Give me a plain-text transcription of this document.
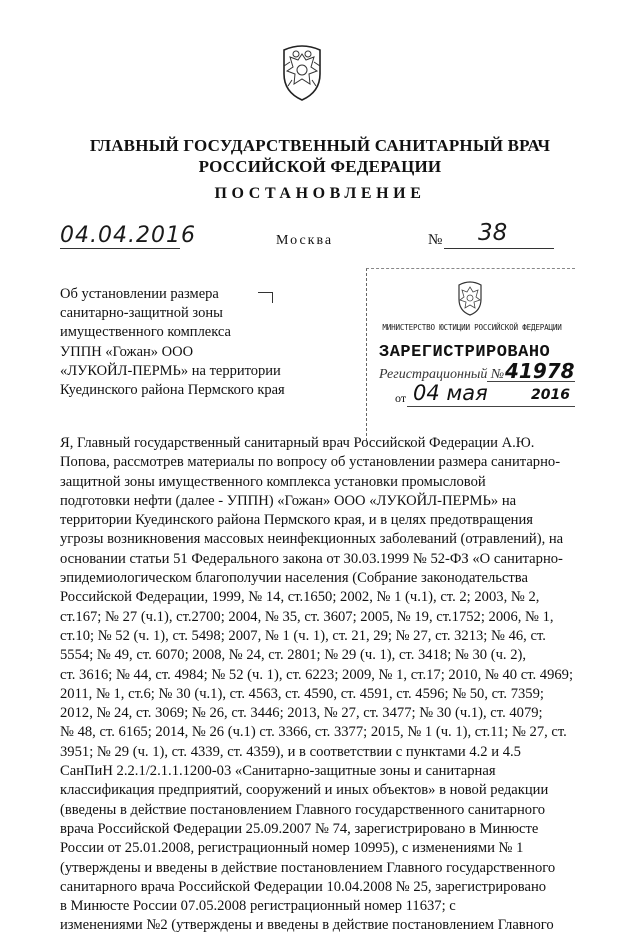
ГЛАВНЫЙ ГОСУДАРСТВЕННЫЙ САНИТАРНЫЙ ВРАЧ
РОССИЙСКОЙ ФЕДЕРАЦИИ
ПОСТАНОВЛЕНИЕ
04.04.2016	Москва	№ 38
Об установлении размера
санитарно-защитной зоны
имущественного комплекса
УППН «Гожан» ООО
«ЛУКОЙЛ-ПЕРМЬ» на территории
Куединского района Пермского края
МИНИСТЕРСТВО ЮСТИЦИИ РОССИЙСКОЙ ФЕДЕРАЦИИ
ЗАРЕГИСТРИРОВАНО
Регистрационный № 41978
от 04 мая	2016
Я, Главный государственный санитарный врач Российской Федерации А.Ю.
Попова, рассмотрев материалы по вопросу об установлении размера санитарно-
защитной зоны имущественного комплекса установки промысловой
подготовки нефти (далее - УППН) «Гожан» ООО «ЛУКОЙЛ-ПЕРМЬ» на
территории Куединского района Пермского края, и в целях предотвращения
угрозы возникновения массовых неинфекционных заболеваний (отравлений), на
основании статьи 51 Федерального закона от 30.03.1999 № 52-ФЗ «О санитарно-
эпидемиологическом благополучии населения (Собрание законодательства
Российской Федерации, 1999, № 14, ст.1650; 2002, № 1 (ч.1), ст. 2; 2003, № 2,
ст.167; № 27 (ч.1), ст.2700; 2004, № 35, ст. 3607; 2005, № 19, ст.1752; 2006, № 1,
ст.10; № 52 (ч. 1), ст. 5498; 2007, № 1 (ч. 1), ст. 21, 29; № 27, ст. 3213; № 46, ст.
5554; № 49, ст. 6070; 2008, № 24, ст. 2801; № 29 (ч. 1), ст. 3418; № 30 (ч. 2),
ст. 3616; № 44, ст. 4984; № 52 (ч. 1), ст. 6223; 2009, № 1, ст.17; 2010, № 40 ст. 4969;
2011, № 1, ст.6; № 30 (ч.1), ст. 4563, ст. 4590, ст. 4591, ст. 4596; № 50, ст. 7359;
2012, № 24, ст. 3069; № 26, ст. 3446; 2013, № 27, ст. 3477; № 30 (ч.1), ст. 4079;
№ 48, ст. 6165; 2014, № 26 (ч.1) ст. 3366, ст. 3377; 2015, № 1 (ч. 1), ст.11; № 27, ст.
3951; № 29 (ч. 1), ст. 4339, ст. 4359), и в соответствии с пунктами 4.2 и 4.5
СанПиН 2.2.1/2.1.1.1200-03 «Санитарно-защитные зоны и санитарная
классификация предприятий, сооружений и иных объектов» в новой редакции
(введены в действие постановлением Главного государственного санитарного
врача Российской Федерации 25.09.2007 № 74, зарегистрировано в Минюсте
России от 25.01.2008, регистрационный номер 10995), с изменениями № 1
(утверждены и введены в действие постановлением Главного государственного
санитарного врача Российской Федерации 10.04.2008 № 25, зарегистрировано
в Минюсте России 07.05.2008 регистрационный номер 11637; с
изменениями №2 (утверждены и введены в действие постановлением Главного
